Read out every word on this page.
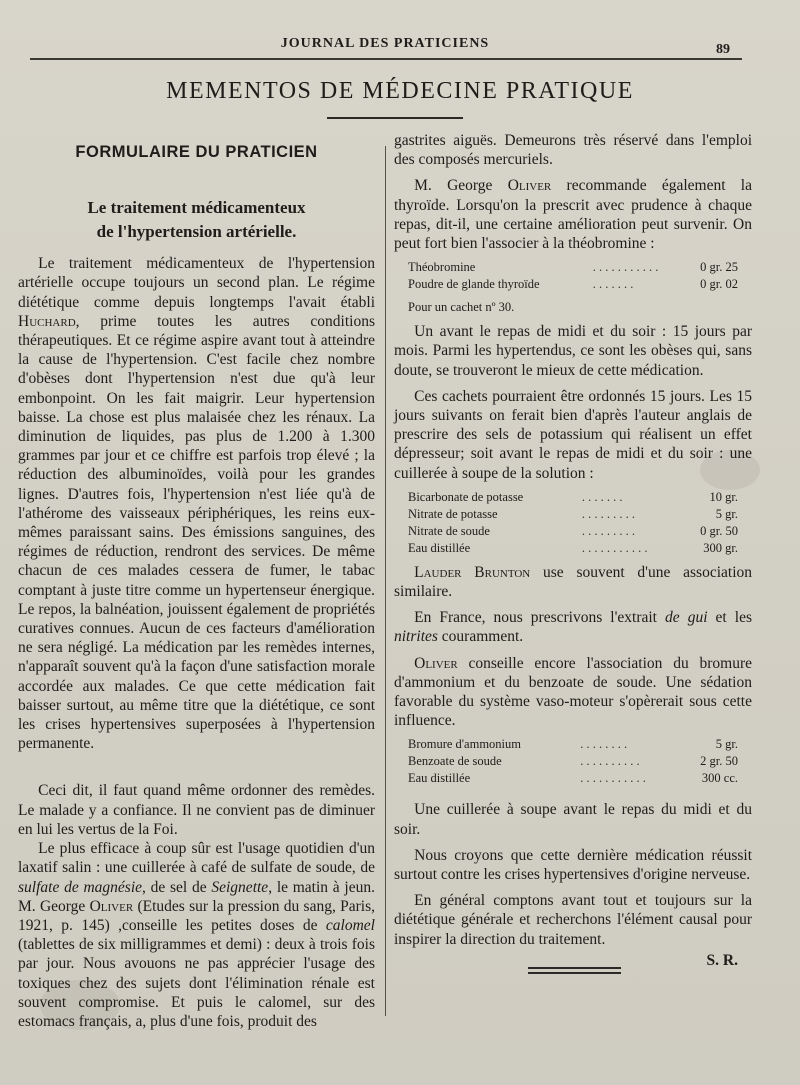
JOURNAL DES PRATICIENS	89
MEMENTOS DE MÉDECINE PRATIQUE
FORMULAIRE DU PRATICIEN
Le traitement médicamenteux
de l'hypertension artérielle.

Le traitement médicamenteux de l'hypertension artérielle occupe toujours un second plan. Le régime diététique comme depuis longtemps l'avait établi Huchard, prime toutes les autres conditions thérapeutiques. Et ce régime aspire avant tout à atteindre la cause de l'hypertension. C'est facile chez nombre d'obèses dont l'hypertension n'est due qu'à leur embonpoint. On les fait maigrir. Leur hypertension baisse. La chose est plus malaisée chez les rénaux. La diminution de liquides, pas plus de 1.200 à 1.300 grammes par jour et ce chiffre est parfois trop élevé ; la réduction des albuminoïdes, voilà pour les grandes lignes. D'autres fois, l'hypertension n'est liée qu'à de l'athérome des vaisseaux périphériques, les reins eux-mêmes paraissant sains. Des émissions sanguines, des régimes de réduction, rendront des services. De même chacun de ces malades cessera de fumer, le tabac comptant à juste titre comme un hypertenseur énergique. Le repos, la balnéation, jouissent également de propriétés curatives connues. Aucun de ces facteurs d'amélioration ne sera négligé. La médication par les remèdes internes, n'apparaît souvent qu'à la façon d'une satisfaction morale accordée aux malades. Ce que cette médication fait baisser surtout, au même titre que la diététique, ce sont les crises hypertensives superposées à l'hypertension permanente.

Ceci dit, il faut quand même ordonner des remèdes. Le malade y a confiance. Il ne convient pas de diminuer en lui les vertus de la Foi.

Le plus efficace à coup sûr est l'usage quotidien d'un laxatif salin : une cuillerée à café de sulfate de soude, de sulfate de magnésie, de sel de Seignette, le matin à jeun. M. George Oliver (Etudes sur la pression du sang, Paris, 1921, p. 145) ,conseille les petites doses de calomel (tablettes de six milligrammes et demi) : deux à trois fois par jour. Nous avouons ne pas apprécier l'usage des toxiques chez des sujets dont l'élimination rénale est souvent compromise. Et puis le calomel, sur des estomacs français, a, plus d'une fois, produit des

gastrites aiguës. Demeurons très réservé dans l'emploi des composés mercuriels.

M. George Oliver recommande également la thyroïde. Lorsqu'on la prescrit avec prudence à chaque repas, dit-il, une certaine amélioration peut survenir. On peut fort bien l'associer à la théobromine :

Théobromine	. . . . . . . . . . .	0 gr. 25
Poudre de glande thyroïde	. . . . . . .	0 gr. 02
Pour un cachet nº 30.

Un avant le repas de midi et du soir : 15 jours par mois. Parmi les hypertendus, ce sont les obèses qui, sans doute, se trouveront le mieux de cette médication.

Ces cachets pourraient être ordonnés 15 jours. Les 15 jours suivants on ferait bien d'après l'auteur anglais de prescrire des sels de potassium qui réalisent un effet dépresseur; soit avant le repas de midi et du soir : une cuillerée à soupe de la solution :

Bicarbonate de potasse	. . . . . . .	10 gr.
Nitrate de potasse	. . . . . . . . .	5 gr.
Nitrate de soude	. . . . . . . . .	0 gr. 50
Eau distillée	. . . . . . . . . . .	300 gr.

Lauder Brunton use souvent d'une association similaire.

En France, nous prescrivons l'extrait de gui et les nitrites couramment.

Oliver conseille encore l'association du bromure d'ammonium et du benzoate de soude. Une sédation favorable du système vaso-moteur s'opèrerait sous cette influence.

Bromure d'ammonium	. . . . . . . .	5 gr.
Benzoate de soude	. . . . . . . . . .	2 gr. 50
Eau distillée	. . . . . . . . . . .	300 cc.

Une cuillerée à soupe avant le repas du midi et du soir.

Nous croyons que cette dernière médication réussit surtout contre les crises hypertensives d'origine nerveuse.

En général comptons avant tout et toujours sur la diététique générale et recherchons l'élément causal pour inspirer la direction du traitement.

S. R.
